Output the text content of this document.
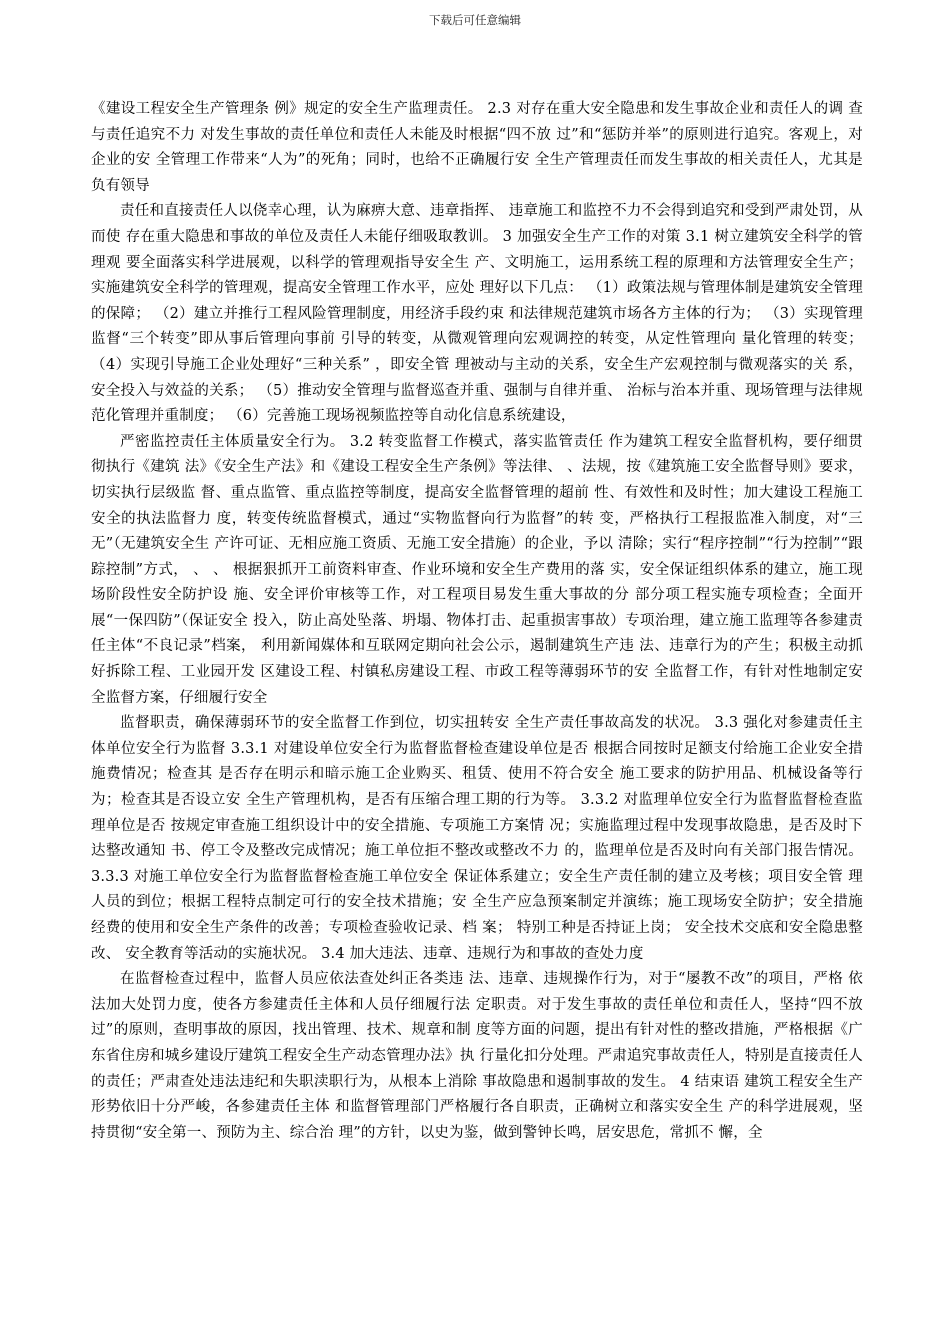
下载后可任意编辑

《建设工程安全生产管理条 例》规定的安全生产监理责任。 2.3 对存在重大安全隐患和发生事故企业和责任人的调 查与责任追究不力 对发生事故的责任单位和责任人未能及时根据“四不放 过”和“惩防并举”的原则进行追究。客观上，对企业的安 全管理工作带来“人为”的死角；同时，也给不正确履行安 全生产管理责任而发生事故的相关责任人，尤其是负有领导

责任和直接责任人以侥幸心理，认为麻痹大意、违章指挥、 违章施工和监控不力不会得到追究和受到严肃处罚，从而使 存在重大隐患和事故的单位及责任人未能仔细吸取教训。 3 加强安全生产工作的对策 3.1 树立建筑安全科学的管理观 要全面落实科学进展观，以科学的管理观指导安全生 产、文明施工，运用系统工程的原理和方法管理安全生产； 实施建筑安全科学的管理观，提高安全管理工作水平，应处 理好以下几点： （1）政策法规与管理体制是建筑安全管理的保障； （2）建立并推行工程风险管理制度，用经济手段约束 和法律规范建筑市场各方主体的行为； （3）实现管理监督“三个转变”即从事后管理向事前 引导的转变，从微观管理向宏观调控的转变，从定性管理向 量化管理的转变； （4）实现引导施工企业处理好“三种关系” ，即安全管 理被动与主动的关系，安全生产宏观控制与微观落实的关 系，安全投入与效益的关系； （5）推动安全管理与监督巡查并重、强制与自律并重、 治标与治本并重、现场管理与法律规范化管理并重制度； （6）完善施工现场视频监控等自动化信息系统建设，

严密监控责任主体质量安全行为。 3.2 转变监督工作模式，落实监管责任 作为建筑工程安全监督机构，要仔细贯彻执行《建筑 法》《安全生产法》和《建设工程安全生产条例》等法律、 、法规，按《建筑施工安全监督导则》要求，切实执行层级监 督、重点监管、重点监控等制度，提高安全监督管理的超前 性、有效性和及时性；加大建设工程施工安全的执法监督力 度，转变传统监督模式，通过“实物监督向行为监督”的转 变，严格执行工程报监准入制度，对“三无”（无建筑安全生 产许可证、无相应施工资质、无施工安全措施）的企业，予以 清除；实行“程序控制”“行为控制”“跟踪控制”方式， 、 、 根据狠抓开工前资料审查、作业环境和安全生产费用的落 实，安全保证组织体系的建立，施工现场阶段性安全防护设 施、安全评价审核等工作，对工程项目易发生重大事故的分 部分项工程实施专项检查；全面开展“一保四防”（保证安全 投入，防止高处坠落、坍塌、物体打击、起重损害事故）专项治理，建立施工监理等各参建责任主体“不良记录”档案， 利用新闻媒体和互联网定期向社会公示，遏制建筑生产违 法、违章行为的产生；积极主动抓好拆除工程、工业园开发 区建设工程、村镇私房建设工程、市政工程等薄弱环节的安 全监督工作，有针对性地制定安全监督方案，仔细履行安全

监督职责，确保薄弱环节的安全监督工作到位，切实扭转安 全生产责任事故高发的状况。 3.3 强化对参建责任主体单位安全行为监督 3.3.1 对建设单位安全行为监督监督检查建设单位是否 根据合同按时足额支付给施工企业安全措施费情况；检查其 是否存在明示和暗示施工企业购买、租赁、使用不符合安全 施工要求的防护用品、机械设备等行为；检查其是否设立安 全生产管理机构，是否有压缩合理工期的行为等。 3.3.2 对监理单位安全行为监督监督检查监理单位是否 按规定审查施工组织设计中的安全措施、专项施工方案情 况；实施监理过程中发现事故隐患，是否及时下达整改通知 书、停工令及整改完成情况；施工单位拒不整改或整改不力 的，监理单位是否及时向有关部门报告情况。 3.3.3 对施工单位安全行为监督监督检查施工单位安全 保证体系建立；安全生产责任制的建立及考核；项目安全管 理人员的到位；根据工程特点制定可行的安全技术措施；安 全生产应急预案制定并演练；施工现场安全防护；安全措施 经费的使用和安全生产条件的改善；专项检查验收记录、档 案； 特别工种是否持证上岗； 安全技术交底和安全隐患整改、 安全教育等活动的实施状况。 3.4 加大违法、违章、违规行为和事故的查处力度

在监督检查过程中，监督人员应依法查处纠正各类违 法、违章、违规操作行为，对于“屡教不改”的项目，严格 依法加大处罚力度，使各方参建责任主体和人员仔细履行法 定职责。对于发生事故的责任单位和责任人，坚持“四不放 过”的原则，查明事故的原因，找出管理、技术、规章和制 度等方面的问题，提出有针对性的整改措施，严格根据《广 东省住房和城乡建设厅建筑工程安全生产动态管理办法》执 行量化扣分处理。严肃追究事故责任人，特别是直接责任人 的责任；严肃查处违法违纪和失职渎职行为，从根本上消除 事故隐患和遏制事故的发生。 4 结束语 建筑工程安全生产形势依旧十分严峻，各参建责任主体 和监督管理部门严格履行各自职责，正确树立和落实安全生 产的科学进展观，坚持贯彻“安全第一、预防为主、综合治 理”的方针，以史为鉴，做到警钟长鸣，居安思危，常抓不 懈，全
